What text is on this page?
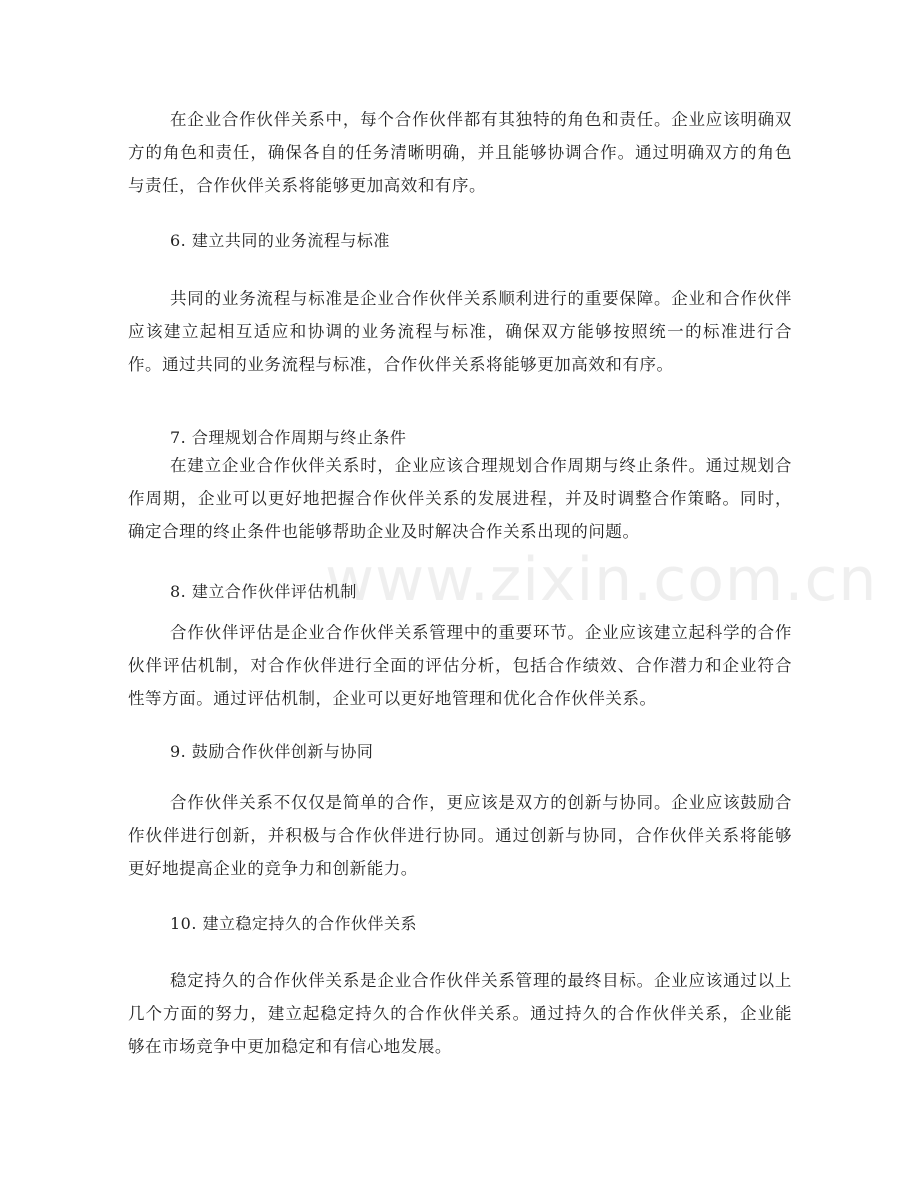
www.zixin.com.cn

在企业合作伙伴关系中，每个合作伙伴都有其独特的角色和责任。企业应该明确双方的角色和责任，确保各自的任务清晰明确，并且能够协调合作。通过明确双方的角色与责任，合作伙伴关系将能够更加高效和有序。

6. 建立共同的业务流程与标准

共同的业务流程与标准是企业合作伙伴关系顺利进行的重要保障。企业和合作伙伴应该建立起相互适应和协调的业务流程与标准，确保双方能够按照统一的标准进行合作。通过共同的业务流程与标准，合作伙伴关系将能够更加高效和有序。

7. 合理规划合作周期与终止条件

在建立企业合作伙伴关系时，企业应该合理规划合作周期与终止条件。通过规划合作周期，企业可以更好地把握合作伙伴关系的发展进程，并及时调整合作策略。同时，确定合理的终止条件也能够帮助企业及时解决合作关系出现的问题。

8. 建立合作伙伴评估机制

合作伙伴评估是企业合作伙伴关系管理中的重要环节。企业应该建立起科学的合作伙伴评估机制，对合作伙伴进行全面的评估分析，包括合作绩效、合作潜力和企业符合性等方面。通过评估机制，企业可以更好地管理和优化合作伙伴关系。

9. 鼓励合作伙伴创新与协同

合作伙伴关系不仅仅是简单的合作，更应该是双方的创新与协同。企业应该鼓励合作伙伴进行创新，并积极与合作伙伴进行协同。通过创新与协同，合作伙伴关系将能够更好地提高企业的竞争力和创新能力。

10. 建立稳定持久的合作伙伴关系

稳定持久的合作伙伴关系是企业合作伙伴关系管理的最终目标。企业应该通过以上几个方面的努力，建立起稳定持久的合作伙伴关系。通过持久的合作伙伴关系，企业能够在市场竞争中更加稳定和有信心地发展。
